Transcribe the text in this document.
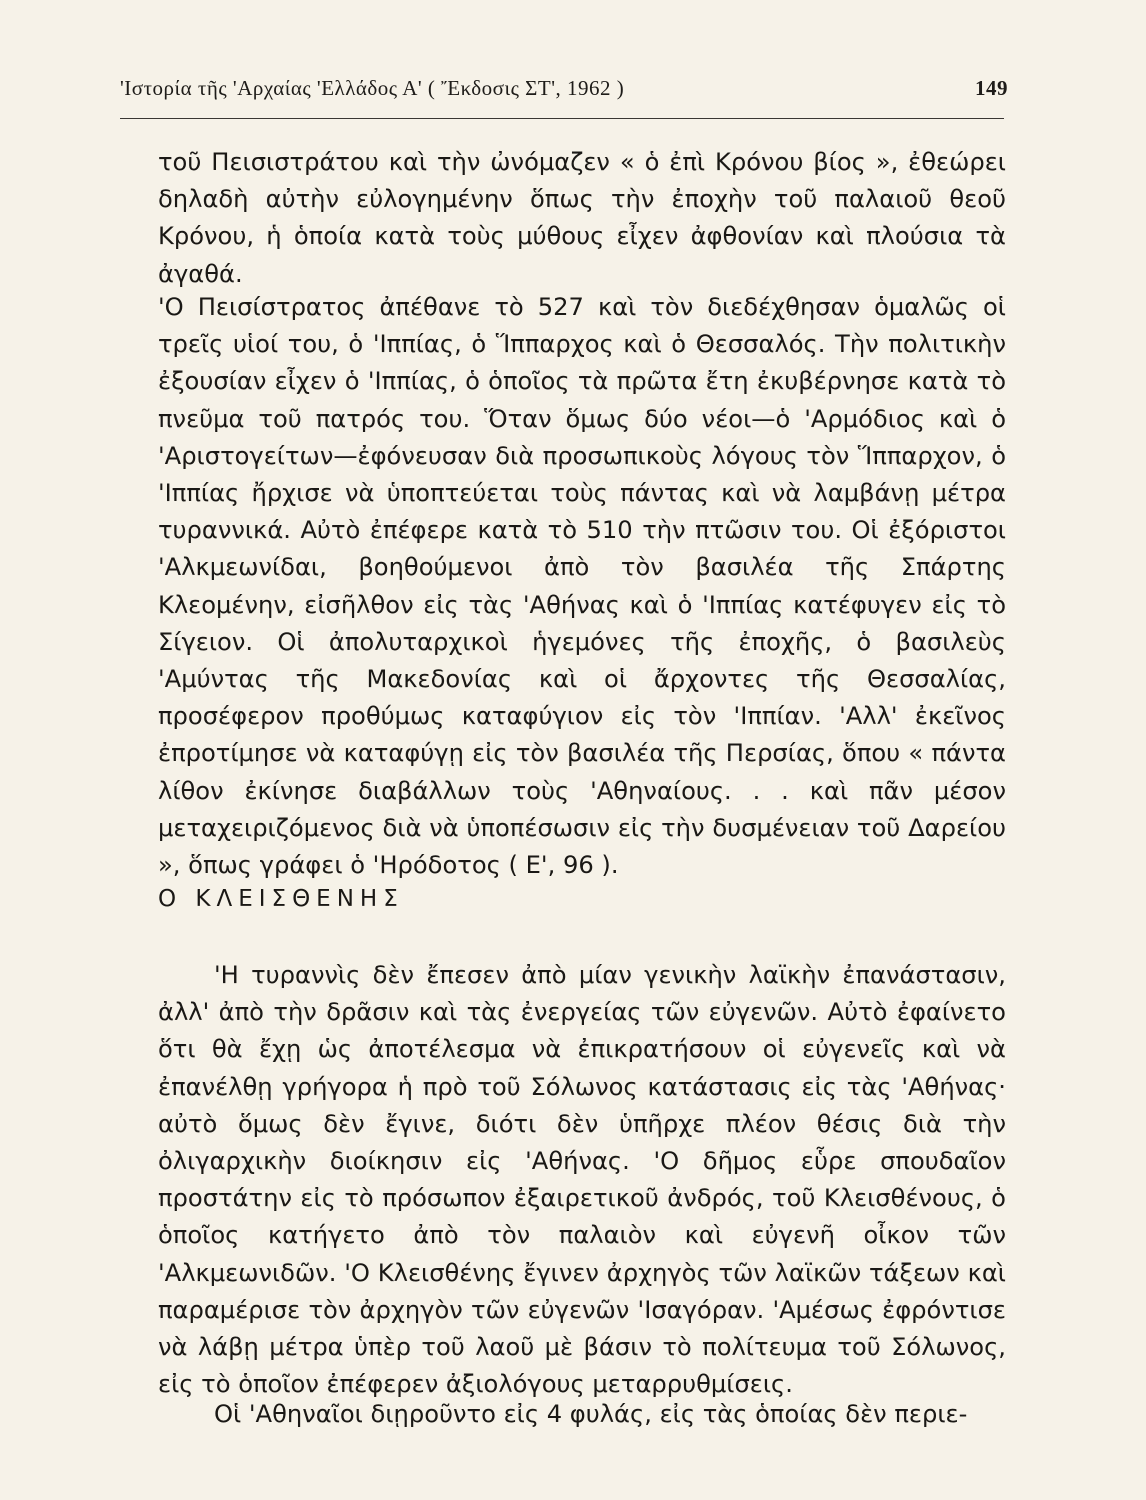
'Ιστορία τῆς 'Αρχαίας 'Ελλάδος Α' ( Ἔκδοσις ΣΤ', 1962 )	149

τοῦ Πεισιστράτου καὶ τὴν ὠνόμαζεν « ὁ ἐπὶ Κρόνου βίος », ἐθεώρει δηλαδὴ αὐτὴν εὐλογημένην ὅπως τὴν ἐποχὴν τοῦ παλαιοῦ θεοῦ Κρόνου, ἡ ὁποία κατὰ τοὺς μύθους εἶχεν ἀφθονίαν καὶ πλούσια τὰ ἀγαθά.

'Ο Πεισίστρατος ἀπέθανε τὸ 527 καὶ τὸν διεδέχθησαν ὁμαλῶς οἱ τρεῖς υἱοί του, ὁ 'Ιππίας, ὁ Ἵππαρχος καὶ ὁ Θεσσαλός. Τὴν πολιτικὴν ἐξουσίαν εἶχεν ὁ 'Ιππίας, ὁ ὁποῖος τὰ πρῶτα ἔτη ἐκυβέρνησε κατὰ τὸ πνεῦμα τοῦ πατρός του. Ὅταν ὅμως δύο νέοι—ὁ 'Αρμόδιος καὶ ὁ 'Αριστογείτων—ἐφόνευσαν διὰ προσωπικοὺς λόγους τὸν Ἵππαρχον, ὁ 'Ιππίας ἤρχισε νὰ ὑποπτεύεται τοὺς πάντας καὶ νὰ λαμβάνῃ μέτρα τυραννικά. Αὐτὸ ἐπέφερε κατὰ τὸ 510 τὴν πτῶσιν του. Οἱ ἐξόριστοι 'Αλκμεωνίδαι, βοηθούμενοι ἀπὸ τὸν βασιλέα τῆς Σπάρτης Κλεομένην, εἰσῆλθον εἰς τὰς 'Αθήνας καὶ ὁ 'Ιππίας κατέφυγεν εἰς τὸ Σίγειον. Οἱ ἀπολυταρχικοὶ ἡγεμόνες τῆς ἐποχῆς, ὁ βασιλεὺς 'Αμύντας τῆς Μακεδονίας καὶ οἱ ἄρχοντες τῆς Θεσσαλίας, προσέφερον προθύμως καταφύγιον εἰς τὸν 'Ιππίαν. 'Αλλ' ἐκεῖνος ἐπροτίμησε νὰ καταφύγῃ εἰς τὸν βασιλέα τῆς Περσίας, ὅπου « πάντα λίθον ἐκίνησε διαβάλλων τοὺς 'Αθηναίους. . . καὶ πᾶν μέσον μεταχειριζόμενος διὰ νὰ ὑποπέσωσιν εἰς τὴν δυσμένειαν τοῦ Δαρείου », ὅπως γράφει ὁ 'Ηρόδοτος ( Ε', 96 ).

Ο ΚΛΕΙΣΘΕΝΗΣ

'Η τυραννὶς δὲν ἔπεσεν ἀπὸ μίαν γενικὴν λαϊκὴν ἐπανάστασιν, ἀλλ' ἀπὸ τὴν δρᾶσιν καὶ τὰς ἐνεργείας τῶν εὐγενῶν. Αὐτὸ ἐφαίνετο ὅτι θὰ ἔχῃ ὡς ἀποτέλεσμα νὰ ἐπικρατήσουν οἱ εὐγενεῖς καὶ νὰ ἐπανέλθῃ γρήγορα ἡ πρὸ τοῦ Σόλωνος κατάστασις εἰς τὰς 'Αθήνας· αὐτὸ ὅμως δὲν ἔγινε, διότι δὲν ὑπῆρχε πλέον θέσις διὰ τὴν ὀλιγαρχικὴν διοίκησιν εἰς 'Αθήνας. 'Ο δῆμος εὗρε σπουδαῖον προστάτην εἰς τὸ πρόσωπον ἐξαιρετικοῦ ἀνδρός, τοῦ Κλεισθένους, ὁ ὁποῖος κατήγετο ἀπὸ τὸν παλαιὸν καὶ εὐγενῆ οἶκον τῶν 'Αλκμεωνιδῶν. 'Ο Κλεισθένης ἔγινεν ἀρχηγὸς τῶν λαϊκῶν τάξεων καὶ παραμέρισε τὸν ἀρχηγὸν τῶν εὐγενῶν 'Ισαγόραν. 'Αμέσως ἐφρόντισε νὰ λάβῃ μέτρα ὑπὲρ τοῦ λαοῦ μὲ βάσιν τὸ πολίτευμα τοῦ Σόλωνος, εἰς τὸ ὁποῖον ἐπέφερεν ἀξιολόγους μεταρρυθμίσεις.

Οἱ 'Αθηναῖοι διῃροῦντο εἰς 4 φυλάς, εἰς τὰς ὁποίας δὲν περιε-
